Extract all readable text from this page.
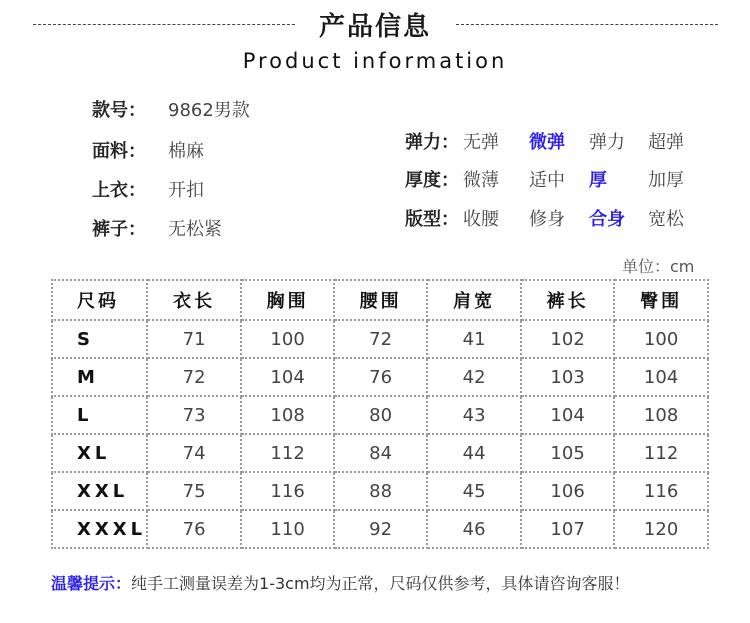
产品信息
Product information
款号： 9862男款
面料： 棉麻
上衣： 开扣
裤子： 无松紧
弹力： 无弹 微弹 弹力 超弹
厚度： 微薄 适中 厚 加厚
版型： 收腰 修身 合身 宽松
单位：cm
尺码	衣长	胸围	腰围	肩宽	裤长	臀围
S	71	100	72	41	102	100
M	72	104	76	42	103	104
L	73	108	80	43	104	108
XL	74	112	84	44	105	112
XXL	75	116	88	45	106	116
XXXL	76	110	92	46	107	120
温馨提示：纯手工测量误差为1-3cm均为正常，尺码仅供参考，具体请咨询客服！
